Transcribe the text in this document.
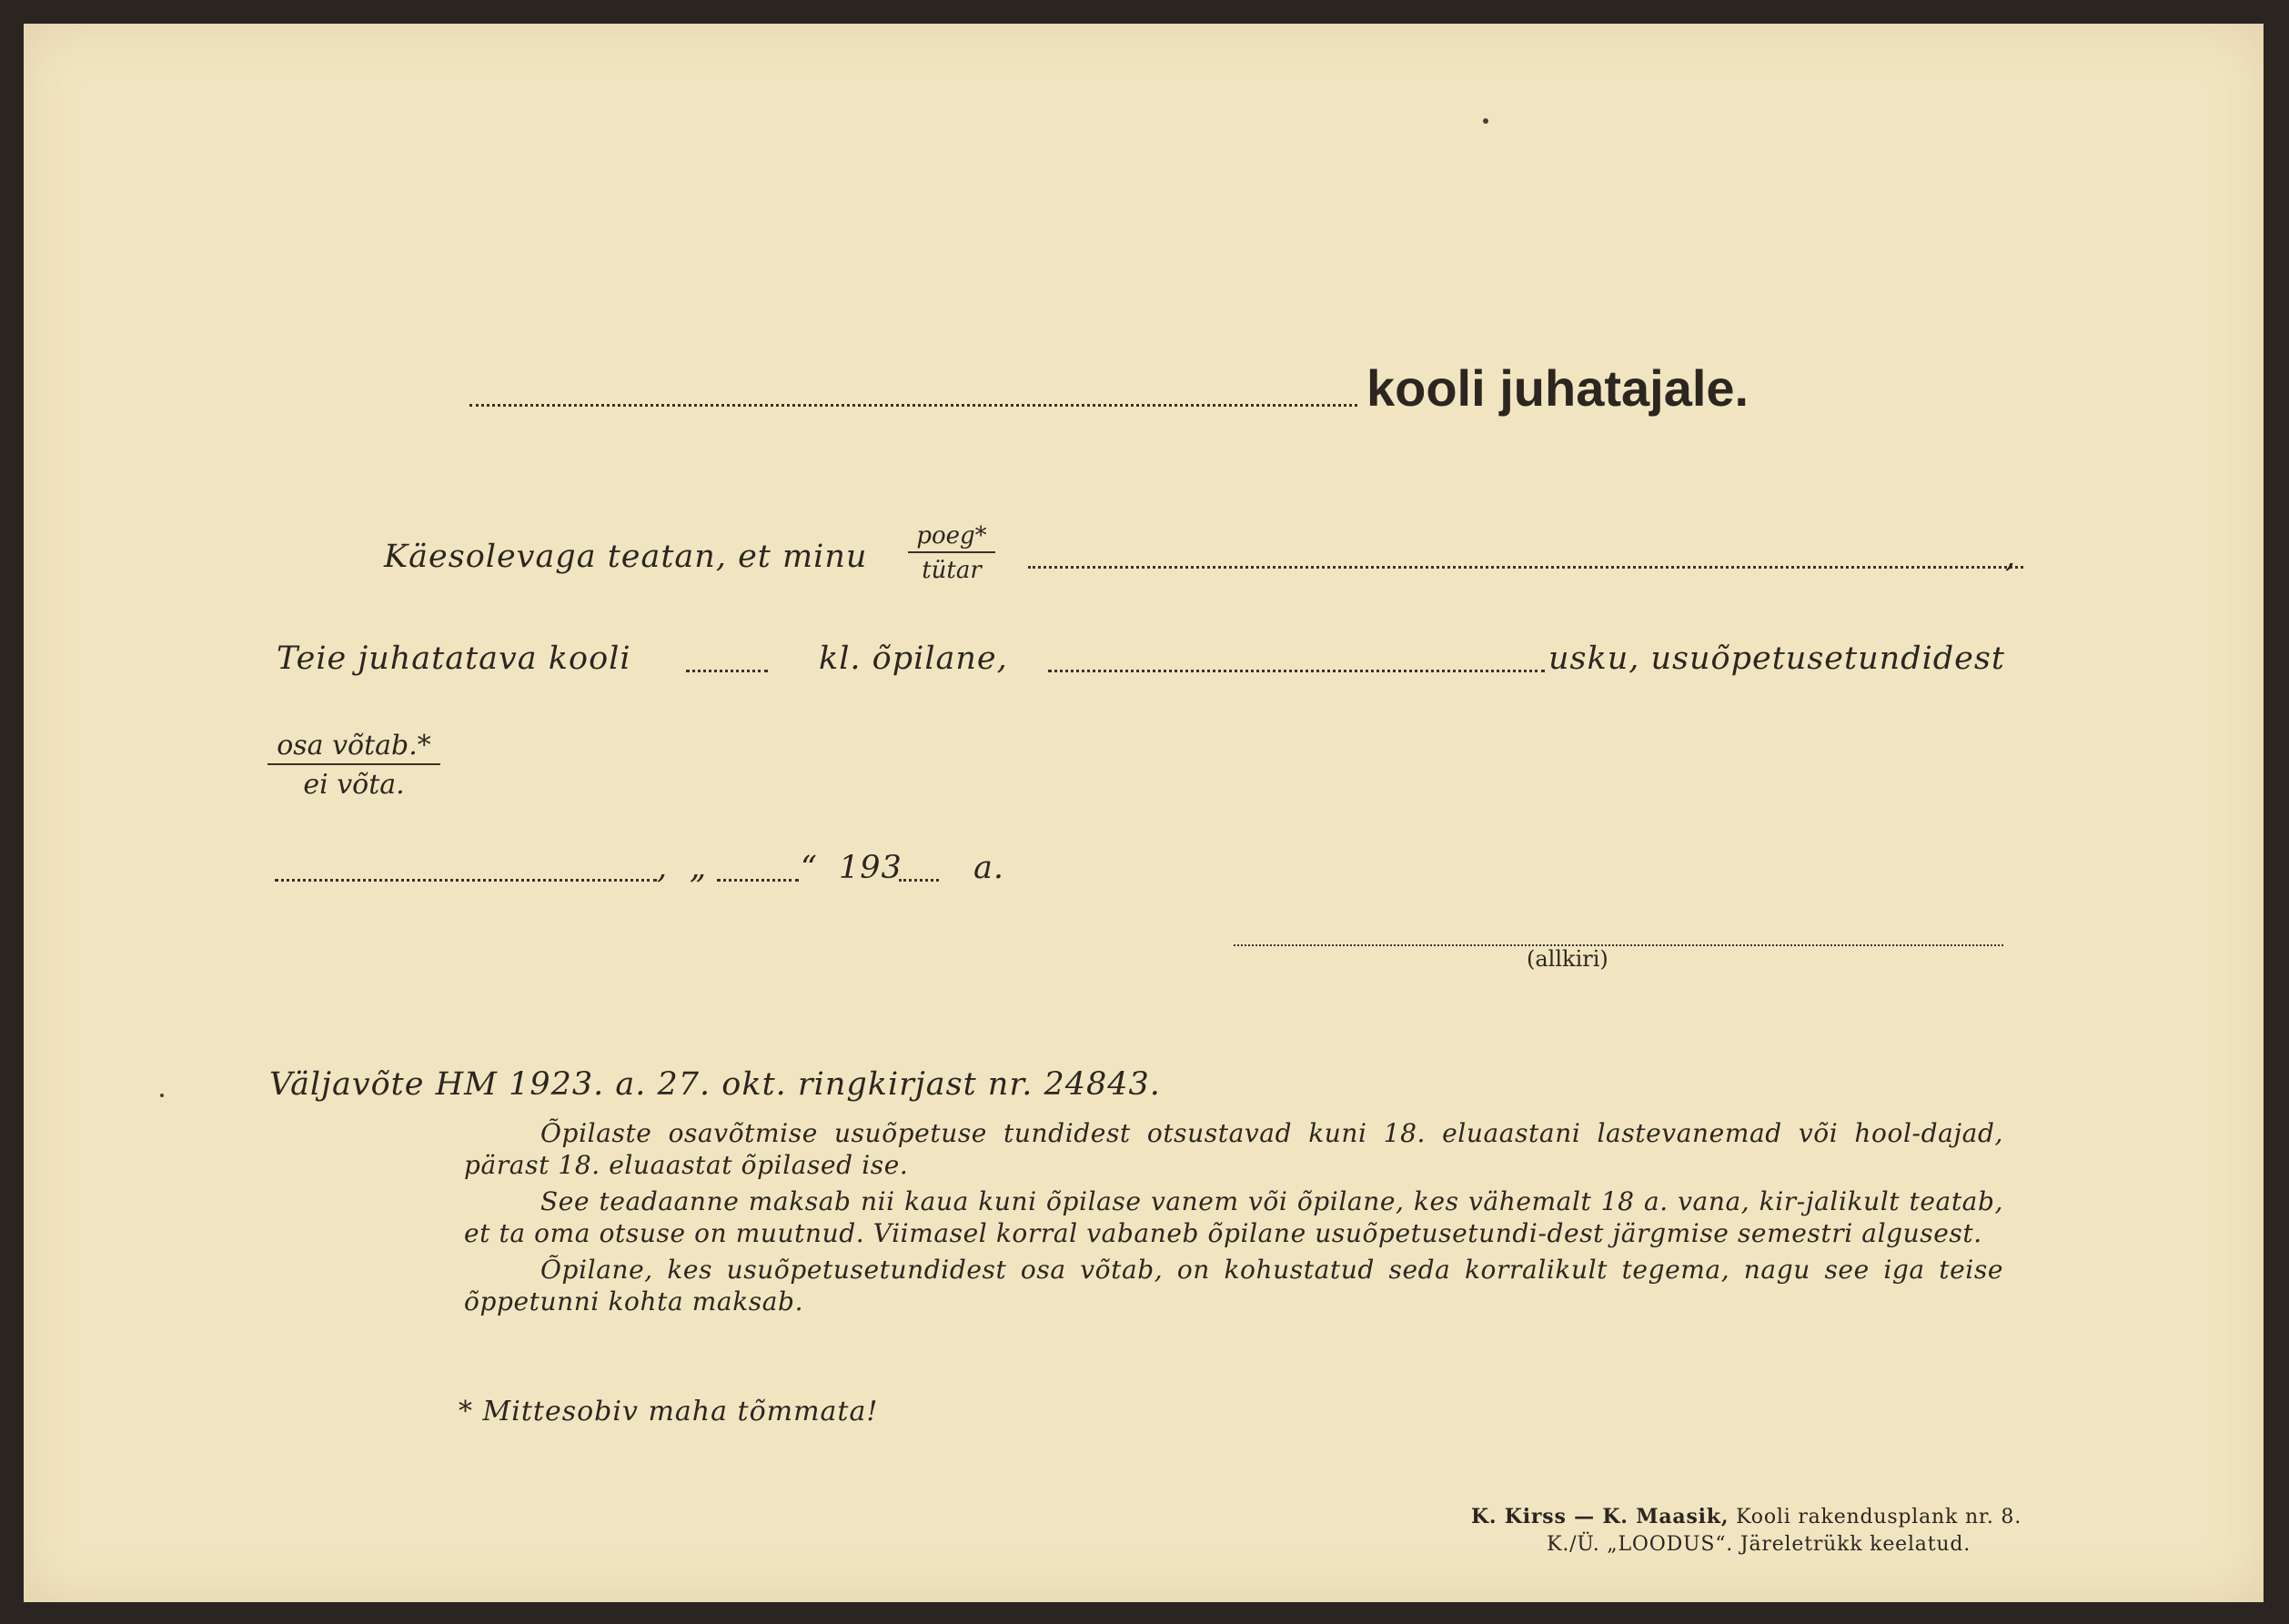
kooli juhatajale.
Käesolevaga teatan, et minu
poeg*
tütar	,
Teie juhatatava kooli	kl. õpilane,	usku, usuõpetusetundidest
osa võtab.*
ei võta.
, „	“ 193 a.
(allkiri)
Väljavõte HM 1923. a. 27. okt. ringkirjast nr. 24843.

Õpilaste osavõtmise usuõpetuse tundidest otsustavad kuni 18. eluaastani lastevanemad või hool-dajad, pärast 18. eluaastat õpilased ise.

See teadaanne maksab nii kaua kuni õpilase vanem või õpilane, kes vähemalt 18 a. vana, kir-jalikult teatab, et ta oma otsuse on muutnud. Viimasel korral vabaneb õpilane usuõpetusetundi-dest järgmise semestri algusest.

Õpilane, kes usuõpetusetundidest osa võtab, on kohustatud seda korralikult tegema, nagu see iga teise õppetunni kohta maksab.

* Mittesobiv maha tõmmata!
K. Kirss — K. Maasik, Kooli rakendusplank nr. 8.
K./Ü. „LOODUS“. Järeletrükk keelatud.
